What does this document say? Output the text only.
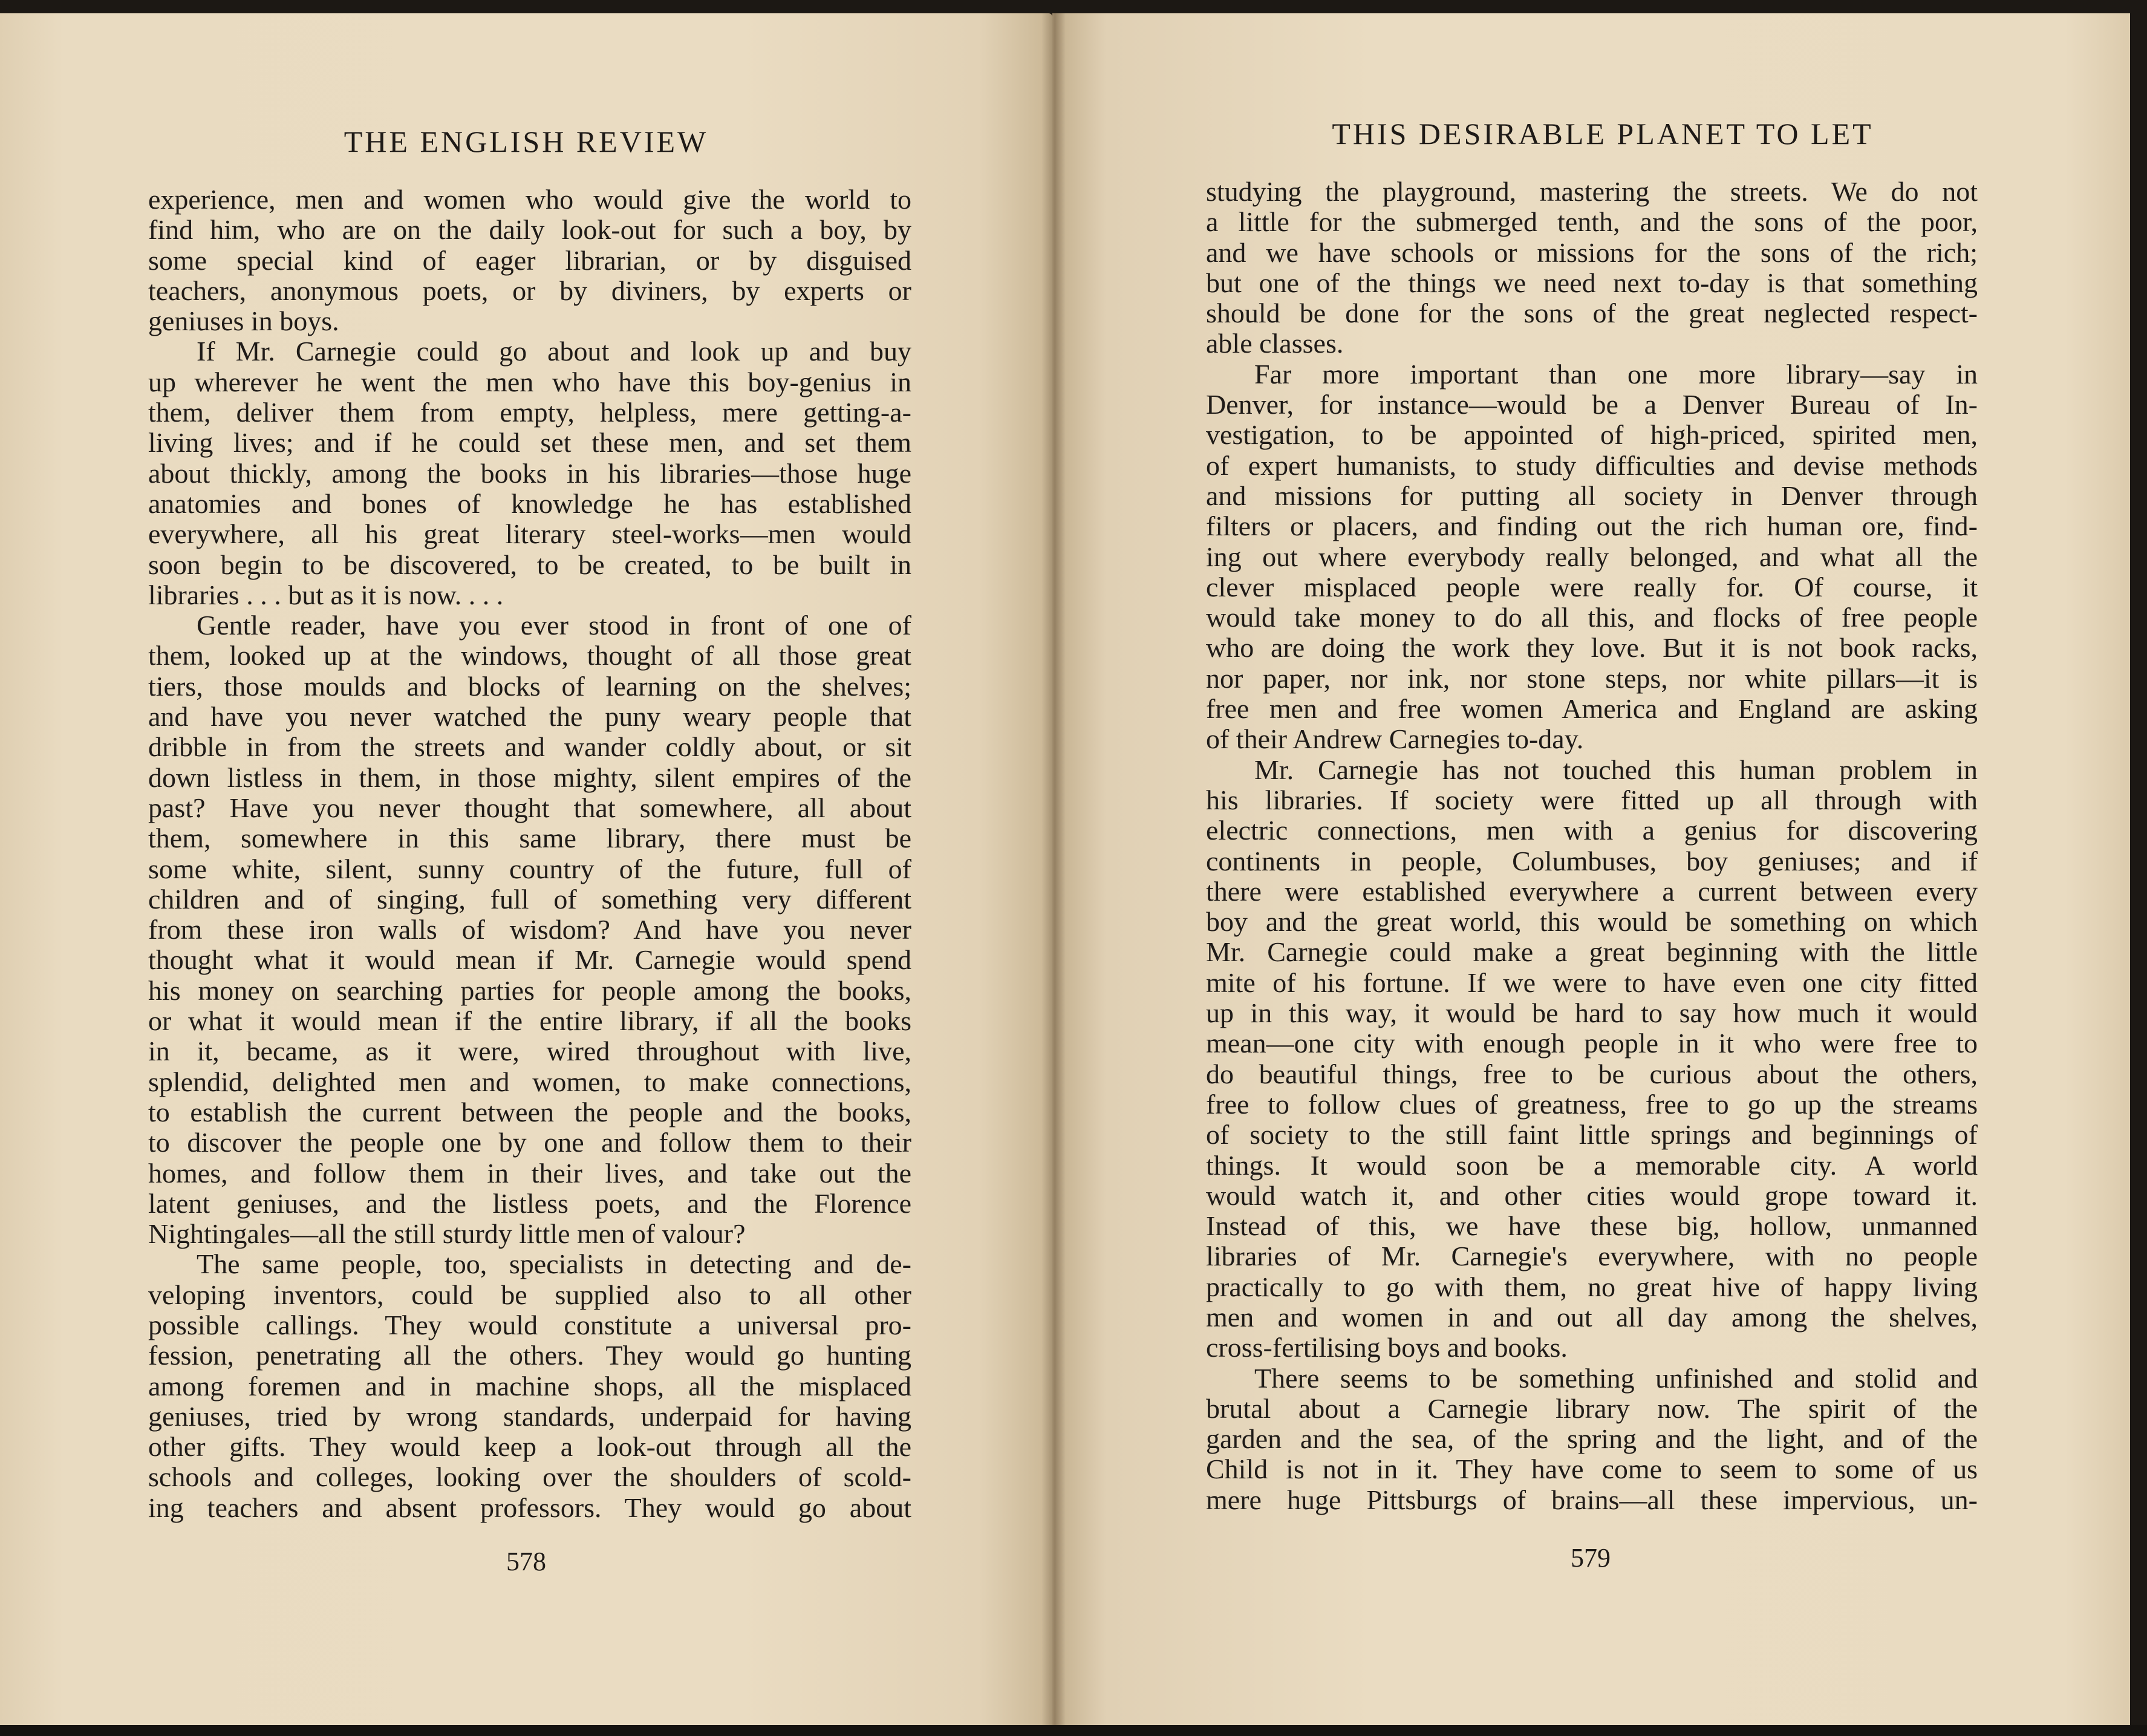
THE ENGLISH REVIEW
experience, men and women who would give the world to
find him, who are on the daily look-out for such a boy, by
some special kind of eager librarian, or by disguised
teachers, anonymous poets, or by diviners, by experts or
geniuses in boys.
If Mr. Carnegie could go about and look up and buy
up wherever he went the men who have this boy-genius in
them, deliver them from empty, helpless, mere getting-a-
living lives; and if he could set these men, and set them
about thickly, among the books in his libraries—those huge
anatomies and bones of knowledge he has established
everywhere, all his great literary steel-works—men would
soon begin to be discovered, to be created, to be built in
libraries . . . but as it is now. . . .
Gentle reader, have you ever stood in front of one of
them, looked up at the windows, thought of all those great
tiers, those moulds and blocks of learning on the shelves;
and have you never watched the puny weary people that
dribble in from the streets and wander coldly about, or sit
down listless in them, in those mighty, silent empires of the
past? Have you never thought that somewhere, all about
them, somewhere in this same library, there must be
some white, silent, sunny country of the future, full of
children and of singing, full of something very different
from these iron walls of wisdom? And have you never
thought what it would mean if Mr. Carnegie would spend
his money on searching parties for people among the books,
or what it would mean if the entire library, if all the books
in it, became, as it were, wired throughout with live,
splendid, delighted men and women, to make connections,
to establish the current between the people and the books,
to discover the people one by one and follow them to their
homes, and follow them in their lives, and take out the
latent geniuses, and the listless poets, and the Florence
Nightingales—all the still sturdy little men of valour?
The same people, too, specialists in detecting and de-
veloping inventors, could be supplied also to all other
possible callings. They would constitute a universal pro-
fession, penetrating all the others. They would go hunting
among foremen and in machine shops, all the misplaced
geniuses, tried by wrong standards, underpaid for having
other gifts. They would keep a look-out through all the
schools and colleges, looking over the shoulders of scold-
ing teachers and absent professors. They would go about
578
THIS DESIRABLE PLANET TO LET
studying the playground, mastering the streets. We do not
a little for the submerged tenth, and the sons of the poor,
and we have schools or missions for the sons of the rich;
but one of the things we need next to-day is that something
should be done for the sons of the great neglected respect-
able classes.
Far more important than one more library—say in
Denver, for instance—would be a Denver Bureau of In-
vestigation, to be appointed of high-priced, spirited men,
of expert humanists, to study difficulties and devise methods
and missions for putting all society in Denver through
filters or placers, and finding out the rich human ore, find-
ing out where everybody really belonged, and what all the
clever misplaced people were really for. Of course, it
would take money to do all this, and flocks of free people
who are doing the work they love. But it is not book racks,
nor paper, nor ink, nor stone steps, nor white pillars—it is
free men and free women America and England are asking
of their Andrew Carnegies to-day.
Mr. Carnegie has not touched this human problem in
his libraries. If society were fitted up all through with
electric connections, men with a genius for discovering
continents in people, Columbuses, boy geniuses; and if
there were established everywhere a current between every
boy and the great world, this would be something on which
Mr. Carnegie could make a great beginning with the little
mite of his fortune. If we were to have even one city fitted
up in this way, it would be hard to say how much it would
mean—one city with enough people in it who were free to
do beautiful things, free to be curious about the others,
free to follow clues of greatness, free to go up the streams
of society to the still faint little springs and beginnings of
things. It would soon be a memorable city. A world
would watch it, and other cities would grope toward it.
Instead of this, we have these big, hollow, unmanned
libraries of Mr. Carnegie's everywhere, with no people
practically to go with them, no great hive of happy living
men and women in and out all day among the shelves,
cross-fertilising boys and books.
There seems to be something unfinished and stolid and
brutal about a Carnegie library now. The spirit of the
garden and the sea, of the spring and the light, and of the
Child is not in it. They have come to seem to some of us
mere huge Pittsburgs of brains—all these impervious, un-
579
